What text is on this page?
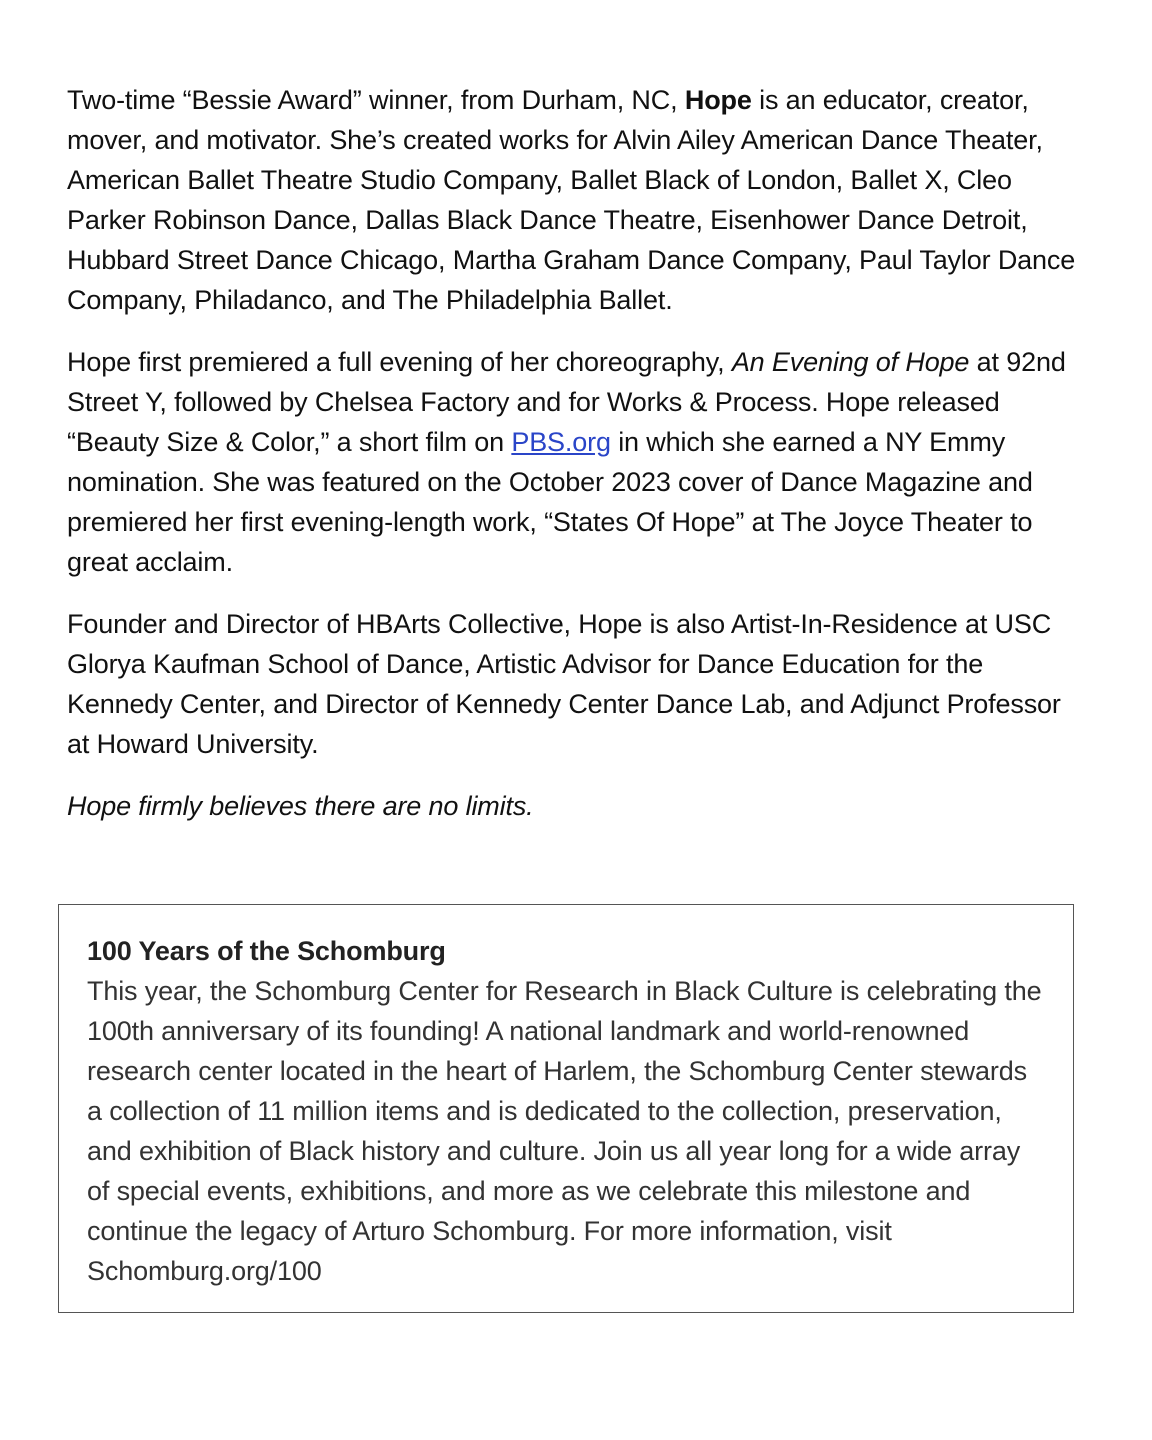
Two-time “Bessie Award” winner, from Durham, NC, Hope is an educator, creator, mover, and motivator. She’s created works for Alvin Ailey American Dance Theater, American Ballet Theatre Studio Company, Ballet Black of London, Ballet X, Cleo Parker Robinson Dance, Dallas Black Dance Theatre, Eisenhower Dance Detroit, Hubbard Street Dance Chicago, Martha Graham Dance Company, Paul Taylor Dance Company, Philadanco, and The Philadelphia Ballet.

Hope first premiered a full evening of her choreography, An Evening of Hope at 92nd Street Y, followed by Chelsea Factory and for Works & Process. Hope released “Beauty Size & Color,” a short film on PBS.org in which she earned a NY Emmy nomination. She was featured on the October 2023 cover of Dance Magazine and premiered her first evening-length work, “States Of Hope” at The Joyce Theater to great acclaim.

Founder and Director of HBArts Collective, Hope is also Artist-In-Residence at USC Glorya Kaufman School of Dance, Artistic Advisor for Dance Education for the Kennedy Center, and Director of Kennedy Center Dance Lab, and Adjunct Professor at Howard University.

Hope firmly believes there are no limits.

100 Years of the Schomburg

This year, the Schomburg Center for Research in Black Culture is celebrating the 100th anniversary of its founding! A national landmark and world-renowned research center located in the heart of Harlem, the Schomburg Center stewards a collection of 11 million items and is dedicated to the collection, preservation, and exhibition of Black history and culture. Join us all year long for a wide array of special events, exhibitions, and more as we celebrate this milestone and continue the legacy of Arturo Schomburg. For more information, visit Schomburg.org/100
